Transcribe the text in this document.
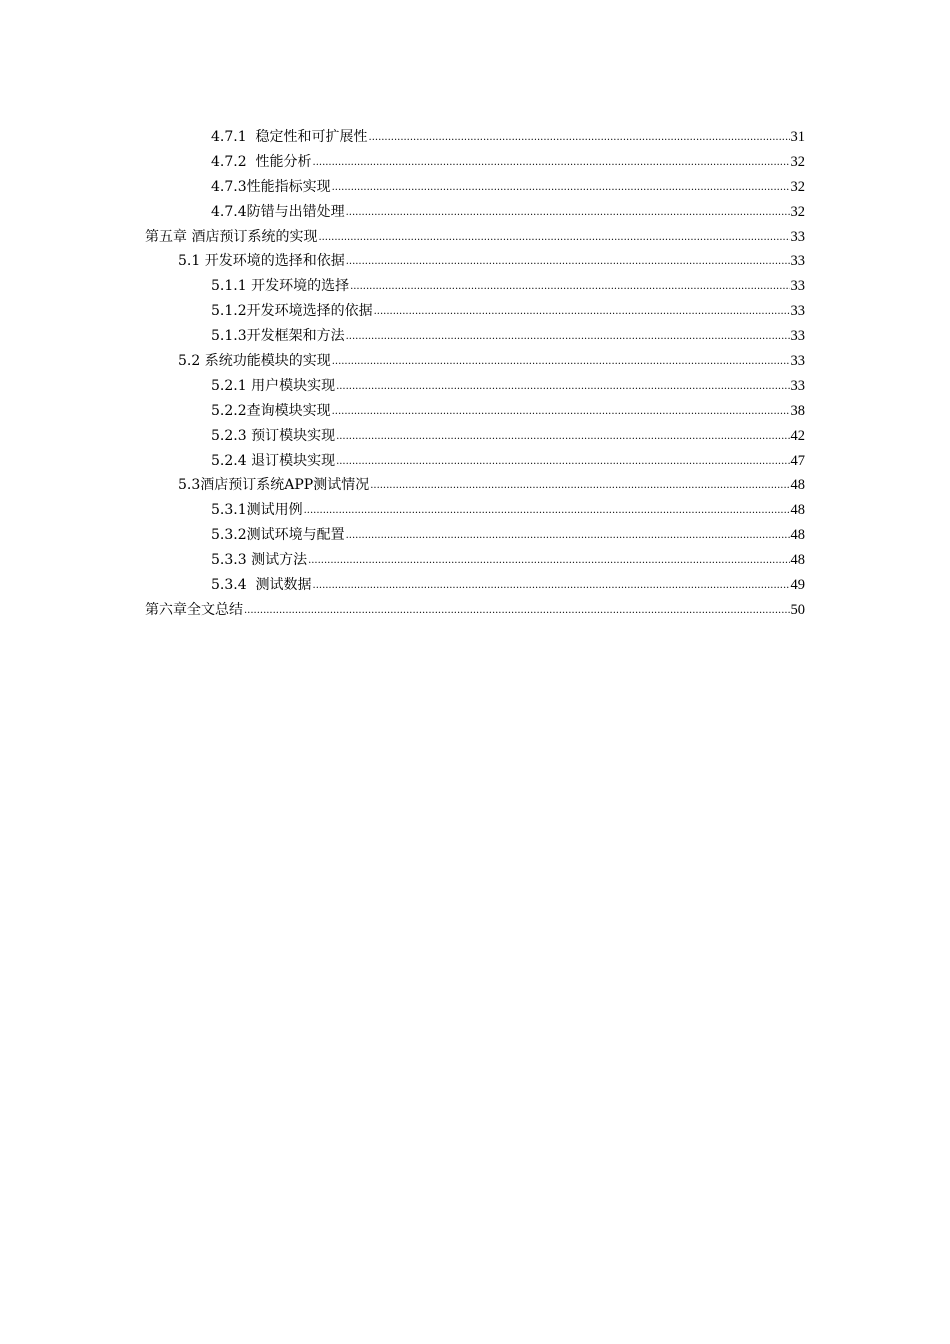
4.7.1  稳定性和可扩展性 .....	31
4.7.2  性能分析 .....	32
4.7.3性能指标实现 .....	32
4.7.4防错与出错处理 .....	32
第五章 酒店预订系统的实现 .....	33
5.1 开发环境的选择和依据 .....	33
5.1.1 开发环境的选择 .....	33
5.1.2开发环境选择的依据 .....	33
5.1.3开发框架和方法 .....	33
5.2 系统功能模块的实现 .....	33
5.2.1 用户模块实现 .....	33
5.2.2查询模块实现 .....	38
5.2.3 预订模块实现 .....	42
5.2.4 退订模块实现 .....	47
5.3酒店预订系统APP测试情况 .....	48
5.3.1测试用例 .....	48
5.3.2测试环境与配置 .....	48
5.3.3 测试方法 .....	48
5.3.4  测试数据 .....	49
第六章全文总结 .....	50
